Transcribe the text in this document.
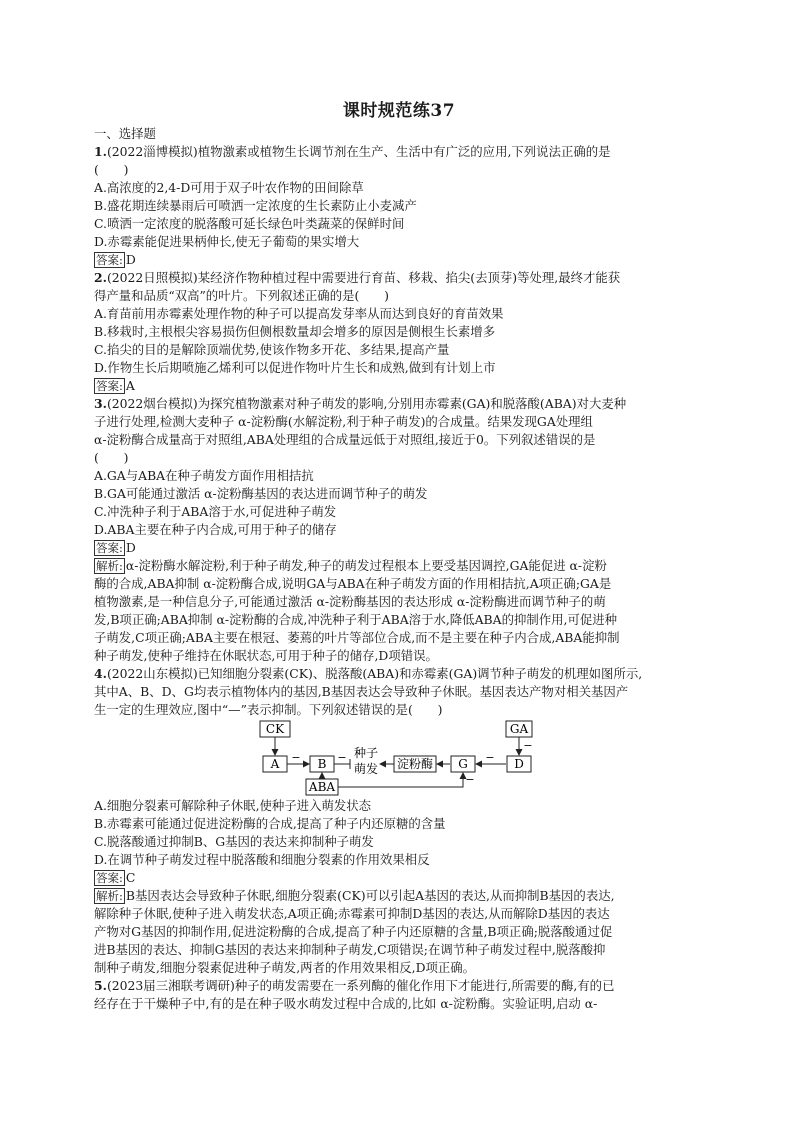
课时规范练37
一、选择题

1.(2022淄博模拟)植物激素或植物生长调节剂在生产、生活中有广泛的应用,下列说法正确的是

(　　)

A.高浓度的2,4-D可用于双子叶农作物的田间除草

B.盛花期连续暴雨后可喷洒一定浓度的生长素防止小麦减产

C.喷洒一定浓度的脱落酸可延长绿色叶类蔬菜的保鲜时间

D.赤霉素能促进果柄伸长,使无子葡萄的果实增大

答案: D

2.(2022日照模拟)某经济作物种植过程中需要进行育苗、移栽、掐尖(去顶芽)等处理,最终才能获

得产量和品质“双高”的叶片。下列叙述正确的是(　　)

A.育苗前用赤霉素处理作物的种子可以提高发芽率从而达到良好的育苗效果

B.移栽时,主根根尖容易损伤但侧根数量却会增多的原因是侧根生长素增多

C.掐尖的目的是解除顶端优势,使该作物多开花、多结果,提高产量

D.作物生长后期喷施乙烯利可以促进作物叶片生长和成熟,做到有计划上市

答案: A

3.(2022烟台模拟)为探究植物激素对种子萌发的影响,分别用赤霉素(GA)和脱落酸(ABA)对大麦种

子进行处理,检测大麦种子 α-淀粉酶(水解淀粉,利于种子萌发)的合成量。结果发现GA处理组

α-淀粉酶合成量高于对照组,ABA处理组的合成量远低于对照组,接近于0。下列叙述错误的是

(　　)

A.GA与ABA在种子萌发方面作用相拮抗

B.GA可能通过激活 α-淀粉酶基因的表达进而调节种子的萌发

C.冲洗种子利于ABA溶于水,可促进种子萌发

D.ABA主要在种子内合成,可用于种子的储存

答案: D

解析: α-淀粉酶水解淀粉,利于种子萌发,种子的萌发过程根本上要受基因调控,GA能促进 α-淀粉

酶的合成,ABA抑制 α-淀粉酶合成,说明GA与ABA在种子萌发方面的作用相拮抗,A项正确;GA是

植物激素,是一种信息分子,可能通过激活 α-淀粉酶基因的表达形成 α-淀粉酶进而调节种子的萌

发,B项正确;ABA抑制 α-淀粉酶的合成,冲洗种子利于ABA溶于水,降低ABA的抑制作用,可促进种

子萌发,C项正确;ABA主要在根冠、萎蔫的叶片等部位合成,而不是主要在种子内合成,ABA能抑制

种子萌发,使种子维持在休眠状态,可用于种子的储存,D项错误。

4.(2022山东模拟)已知细胞分裂素(CK)、脱落酸(ABA)和赤霉素(GA)调节种子萌发的机理如图所示,

其中A、B、D、G均表示植物体内的基因,B基因表达会导致种子休眠。基因表达产物对相关基因产

生一定的生理效应,图中“—”表示抑制。下列叙述错误的是(　　)

CK
A − B − 种子
萌发 淀粉酶 G − D
GA
−
ABA
−

A.细胞分裂素可解除种子休眠,使种子进入萌发状态

B.赤霉素可能通过促进淀粉酶的合成,提高了种子内还原糖的含量

C.脱落酸通过抑制B、G基因的表达来抑制种子萌发

D.在调节种子萌发过程中脱落酸和细胞分裂素的作用效果相反

答案: C

解析: B基因表达会导致种子休眠,细胞分裂素(CK)可以引起A基因的表达,从而抑制B基因的表达,

解除种子休眠,使种子进入萌发状态,A项正确;赤霉素可抑制D基因的表达,从而解除D基因的表达

产物对G基因的抑制作用,促进淀粉酶的合成,提高了种子内还原糖的含量,B项正确;脱落酸通过促

进B基因的表达、抑制G基因的表达来抑制种子萌发,C项错误;在调节种子萌发过程中,脱落酸抑

制种子萌发,细胞分裂素促进种子萌发,两者的作用效果相反,D项正确。

5.(2023届三湘联考调研)种子的萌发需要在一系列酶的催化作用下才能进行,所需要的酶,有的已

经存在于干燥种子中,有的是在种子吸水萌发过程中合成的,比如 α-淀粉酶。实验证明,启动 α-
